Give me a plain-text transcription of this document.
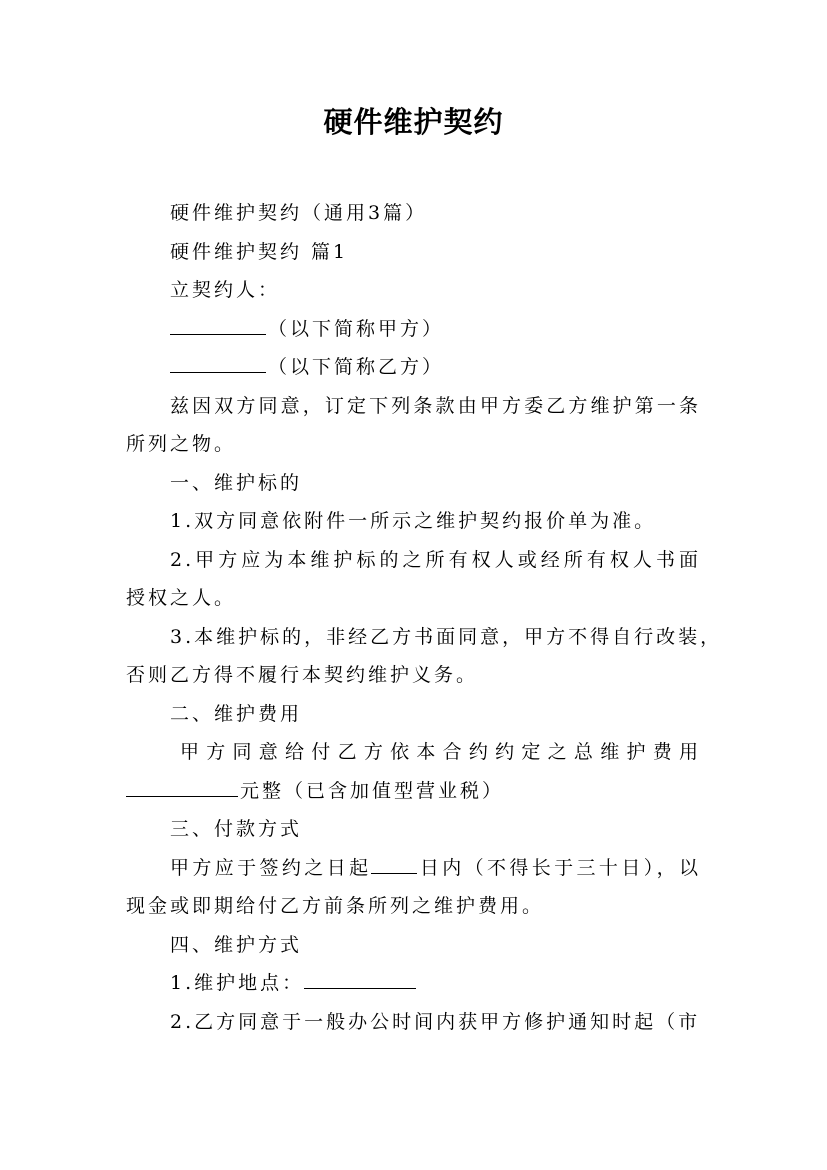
硬件维护契约

硬件维护契约（通用3篇）

硬件维护契约 篇1

立契约人：

（以下简称甲方）

（以下简称乙方）

兹因双方同意，订定下列条款由甲方委乙方维护第一条

所列之物。

一、维护标的

1.双方同意依附件一所示之维护契约报价单为准。

2.甲方应为本维护标的之所有权人或经所有权人书面

授权之人。

3.本维护标的，非经乙方书面同意，甲方不得自行改装，

否则乙方得不履行本契约维护义务。

二、维护费用

甲方同意给付乙方依本合约约定之总维护费用

元整（已含加值型营业税）

三、付款方式

甲方应于签约之日起	日内（不得长于三十日），以

现金或即期给付乙方前条所列之维护费用。

四、维护方式

1.维护地点：

2.乙方同意于一般办公时间内获甲方修护通知时起（市
